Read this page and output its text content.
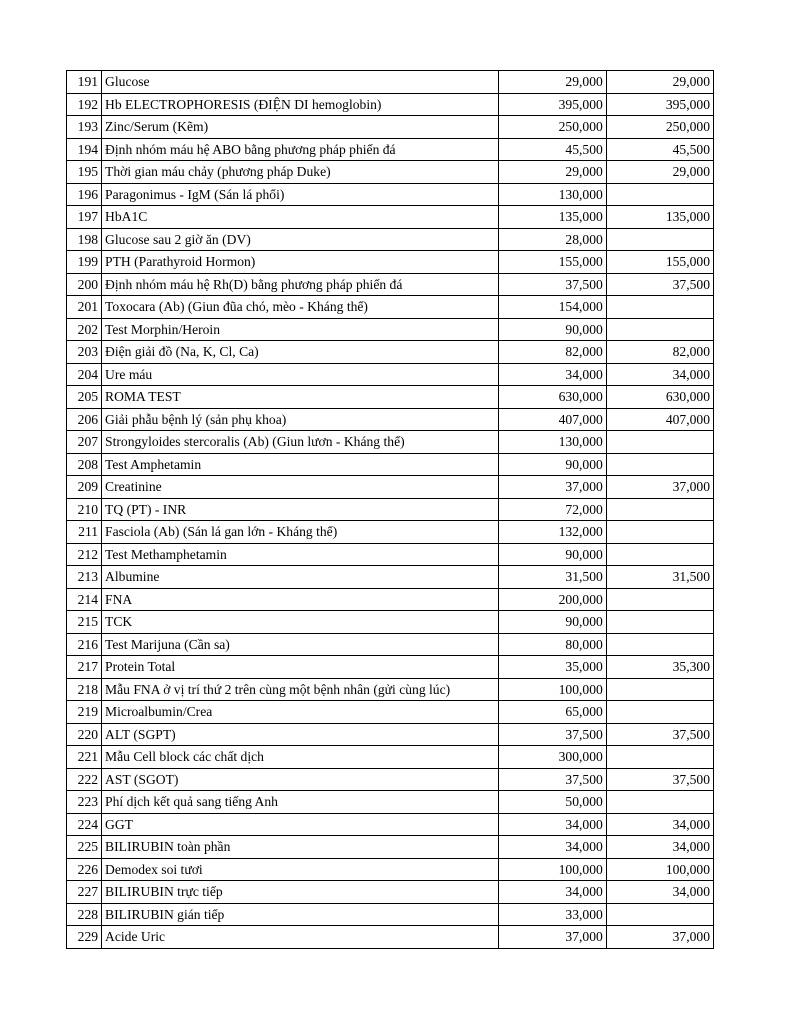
191	Glucose	29,000	29,000
192	Hb ELECTROPHORESIS (ĐIỆN DI hemoglobin)	395,000	395,000
193	Zinc/Serum (Kẽm)	250,000	250,000
194	Định nhóm máu hệ ABO bằng phương pháp phiến đá	45,500	45,500
195	Thời gian máu chảy (phương pháp Duke)	29,000	29,000
196	Paragonimus - IgM (Sán lá phổi)	130,000	
197	HbA1C	135,000	135,000
198	Glucose sau 2 giờ ăn (DV)	28,000	
199	PTH (Parathyroid Hormon)	155,000	155,000
200	Định nhóm máu hệ Rh(D) bằng phương pháp phiến đá	37,500	37,500
201	Toxocara (Ab) (Giun đũa chó, mèo - Kháng thể)	154,000	
202	Test Morphin/Heroin	90,000	
203	Điện giải đồ (Na, K, Cl, Ca)	82,000	82,000
204	Ure máu	34,000	34,000
205	ROMA TEST	630,000	630,000
206	Giải phẫu bệnh lý (sản phụ khoa)	407,000	407,000
207	Strongyloides stercoralis (Ab) (Giun lươn - Kháng thể)	130,000	
208	Test Amphetamin	90,000	
209	Creatinine	37,000	37,000
210	TQ (PT) - INR	72,000	
211	Fasciola (Ab) (Sán lá gan lớn - Kháng thể)	132,000	
212	Test Methamphetamin	90,000	
213	Albumine	31,500	31,500
214	FNA	200,000	
215	TCK	90,000	
216	Test Marijuna (Cần sa)	80,000	
217	Protein Total	35,000	35,300
218	Mẫu FNA ở vị trí thứ 2 trên cùng một bệnh nhân (gửi cùng lúc)	100,000	
219	Microalbumin/Crea	65,000	
220	ALT (SGPT)	37,500	37,500
221	Mẫu Cell block các chất dịch	300,000	
222	AST (SGOT)	37,500	37,500
223	Phí dịch kết quả sang tiếng Anh	50,000	
224	GGT	34,000	34,000
225	BILIRUBIN toàn phần	34,000	34,000
226	Demodex soi tươi	100,000	100,000
227	BILIRUBIN trực tiếp	34,000	34,000
228	BILIRUBIN gián tiếp	33,000	
229	Acide Uric	37,000	37,000
